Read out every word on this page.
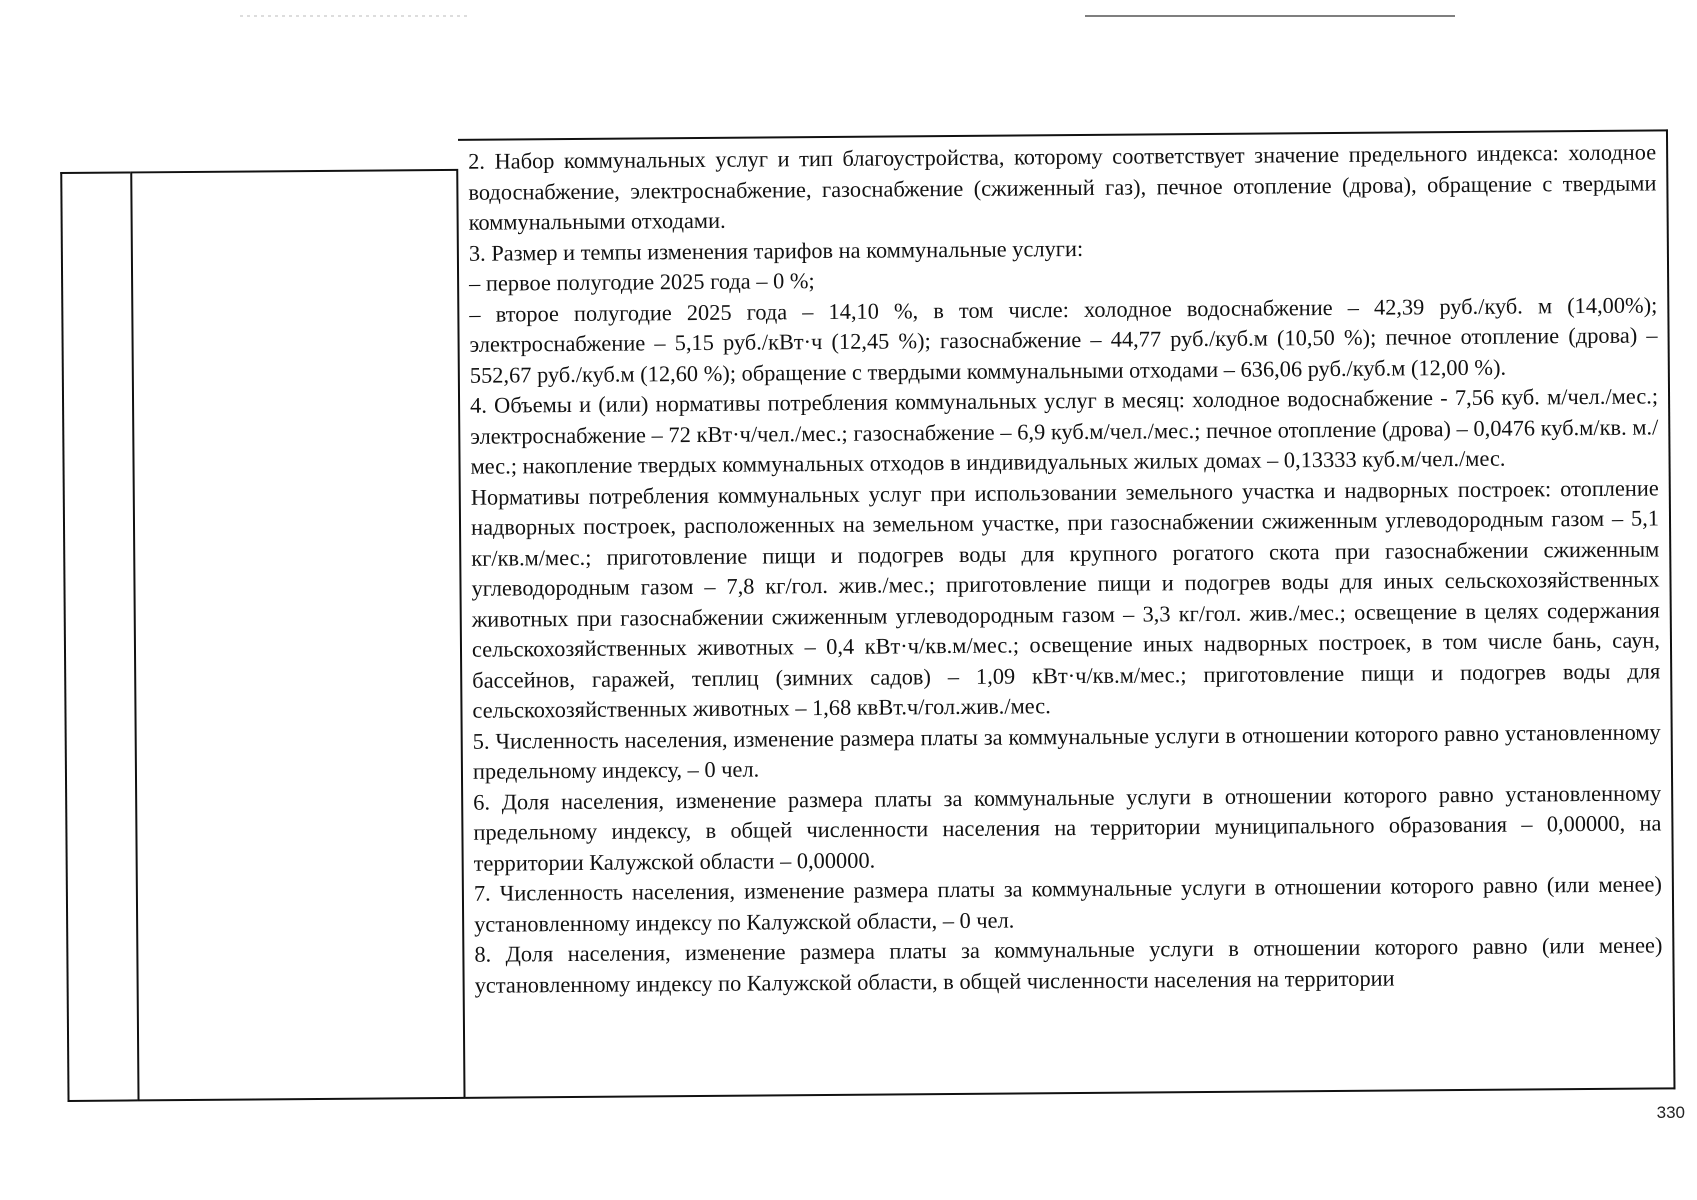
2. Набор коммунальных услуг и тип благоустройства, которому соответствует значение предельного индекса: холодное водоснабжение, электроснабжение, газоснабжение (сжиженный газ), печное отопление (дрова), обращение с твердыми коммунальными отходами.

3. Размер и темпы изменения тарифов на коммунальные услуги:

– первое полугодие 2025 года – 0 %;

– второе полугодие 2025 года – 14,10 %, в том числе: холодное водоснабжение – 42,39 руб./куб. м (14,00%); электроснабжение – 5,15 руб./кВт·ч (12,45 %); газоснабжение – 44,77 руб./куб.м (10,50 %); печное отопление (дрова) – 552,67 руб./куб.м (12,60 %); обращение с твердыми коммунальными отходами – 636,06 руб./куб.м (12,00 %).

4. Объемы и (или) нормативы потребления коммунальных услуг в месяц: холодное водоснабжение - 7,56 куб. м/чел./мес.; электроснабжение – 72 кВт·ч/чел./мес.; газоснабжение – 6,9 куб.м/чел./мес.; печное отопление (дрова) – 0,0476 куб.м/кв. м./мес.; накопление твердых коммунальных отходов в индивидуальных жилых домах – 0,13333 куб.м/чел./мес.

Нормативы потребления коммунальных услуг при использовании земельного участка и надворных построек: отопление надворных построек, расположенных на земельном участке, при газоснабжении сжиженным углеводородным газом – 5,1 кг/кв.м/мес.; приготовление пищи и подогрев воды для крупного рогатого скота при газоснабжении сжиженным углеводородным газом – 7,8 кг/гол. жив./мес.; приготовление пищи и подогрев воды для иных сельскохозяйственных животных при газоснабжении сжиженным углеводородным газом – 3,3 кг/гол. жив./мес.; освещение в целях содержания сельскохозяйственных животных – 0,4 кВт·ч/кв.м/мес.; освещение иных надворных построек, в том числе бань, саун, бассейнов, гаражей, теплиц (зимних садов) – 1,09 кВт·ч/кв.м/мес.; приготовление пищи и подогрев воды для сельскохозяйственных животных – 1,68 квВт.ч/гол.жив./мес.

5. Численность населения, изменение размера платы за коммунальные услуги в отношении которого равно установленному предельному индексу, – 0 чел.

6. Доля населения, изменение размера платы за коммунальные услуги в отношении которого равно установленному предельному индексу, в общей численности населения на территории муниципального образования – 0,00000, на территории Калужской области – 0,00000.

7. Численность населения, изменение размера платы за коммунальные услуги в отношении которого равно (или менее) установленному индексу по Калужской области, – 0 чел.

8. Доля населения, изменение размера платы за коммунальные услуги в отношении которого равно (или менее) установленному индексу по Калужской области, в общей численности населения на территории

330
